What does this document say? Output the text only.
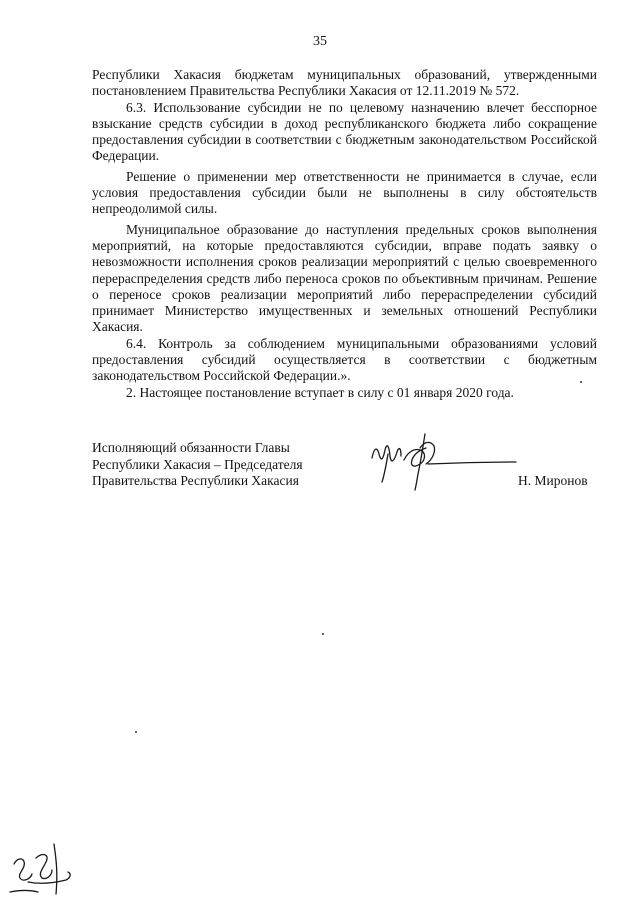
35

Республики Хакасия бюджетам муниципальных образований, утвержденными постановлением Правительства Республики Хакасия от 12.11.2019 № 572.

6.3. Использование субсидии не по целевому назначению влечет бесспорное взыскание средств субсидии в доход республиканского бюджета либо сокращение предоставления субсидии в соответствии с бюджетным законодательством Российской Федерации.

Решение о применении мер ответственности не принимается в случае, если условия предоставления субсидии были не выполнены в силу обстоятельств непреодолимой силы.

Муниципальное образование до наступления предельных сроков выполнения мероприятий, на которые предоставляются субсидии, вправе подать заявку о невозможности исполнения сроков реализации мероприятий с целью своевременного перераспределения средств либо переноса сроков по объективным причинам. Решение о переносе сроков реализации мероприятий либо перераспределении субсидий принимает Министерство имущественных и земельных отношений Республики Хакасия.

6.4. Контроль за соблюдением муниципальными образованиями условий предоставления субсидий осуществляется в соответствии с бюджетным законодательством Российской Федерации.».

2. Настоящее постановление вступает в силу с 01 января 2020 года.

Исполняющий обязанности Главы
Республики Хакасия – Председателя
Правительства Республики Хакасия	Н. Миронов
